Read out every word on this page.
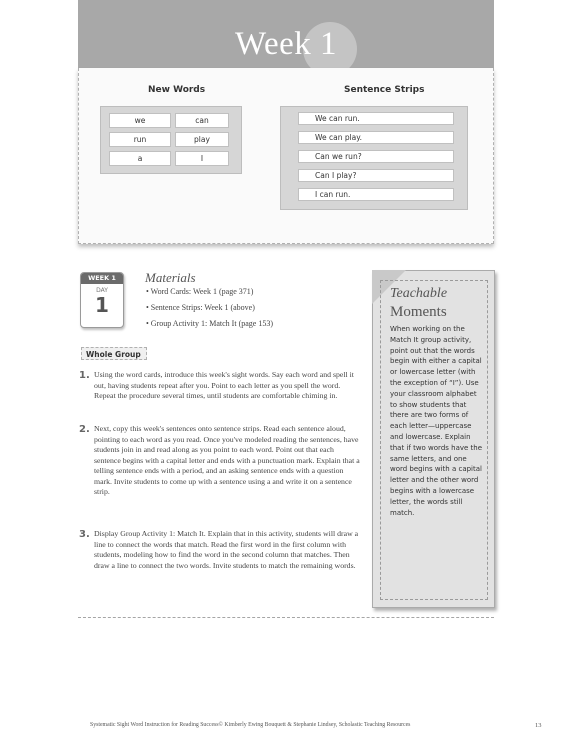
Week 1
New Words	Sentence Strips
we	can
run	play
a	I
We can run.
We can play.
Can we run?
Can I play?
I can run.
WEEK 1
DAY
1
Materials
• Word Cards: Week 1 (page 371)
• Sentence Strips: Week 1 (above)
• Group Activity 1: Match It (page 153)
Whole Group
1. Using the word cards, introduce this week's sight words. Say each word and spell it out, having students repeat after you. Point to each letter as you spell the word. Repeat the procedure several times, until students are comfortable chiming in.
2. Next, copy this week's sentences onto sentence strips. Read each sentence aloud, pointing to each word as you read. Once you've modeled reading the sentences, have students join in and read along as you point to each word. Point out that each sentence begins with a capital letter and ends with a punctuation mark. Explain that a telling sentence ends with a period, and an asking sentence ends with a question mark. Invite students to come up with a sentence using a and write it on a sentence strip.
3. Display Group Activity 1: Match It. Explain that in this activity, students will draw a line to connect the words that match. Read the first word in the first column with students, modeling how to find the word in the second column that matches. Then draw a line to connect the two words. Invite students to match the remaining words.
Teachable
Moments
When working on the Match It group activity, point out that the words begin with either a capital or lowercase letter (with the exception of “I”). Use your classroom alphabet to show students that there are two forms of each letter—uppercase and lowercase. Explain that if two words have the same letters, and one word begins with a capital letter and the other word begins with a lowercase letter, the words still match.
Systematic Sight Word Instruction for Reading Success© Kimberly Ewing Bouquett & Stephanie Lindsey, Scholastic Teaching Resources	13
